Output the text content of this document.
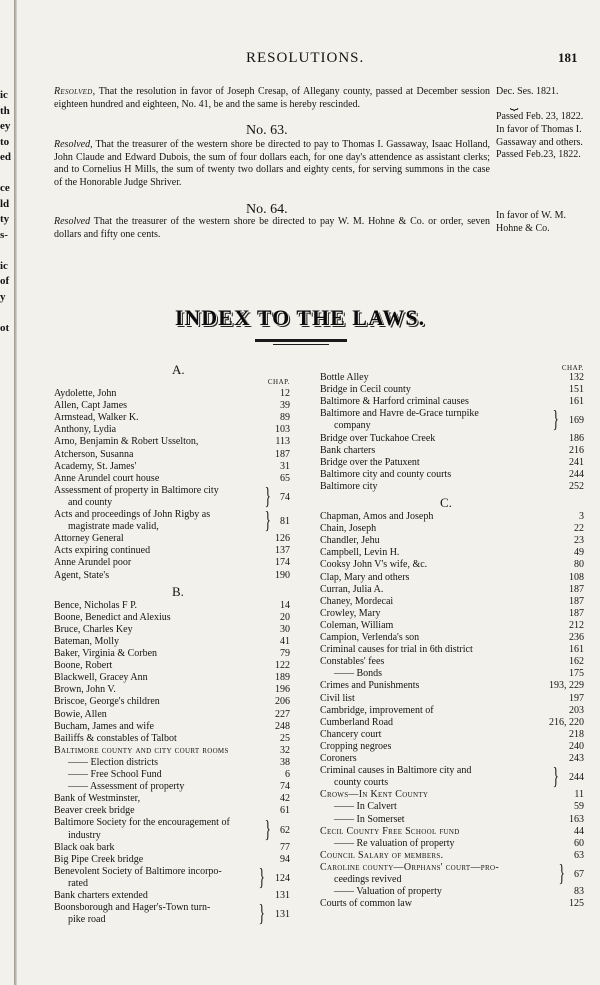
ic
th
ey
to
ed
ce
ld
ty
s-
ic
of
y
ot
RESOLUTIONS.	181
Resolved, That the resolution in favor of Joseph Cresap, of Allegany county, passed at December session eighteen hundred and eighteen, No. 41, be and the same is hereby rescinded.
Dec. Ses. 1821.
⏟
Passed Feb. 23, 1822.
No. 63.
Resolved, That the treasurer of the western shore be directed to pay to Thomas I. Gassaway, Isaac Holland, John Claude and Edward Dubois, the sum of four dollars each, for one day's attendence as assistant clerks; and to Cornelius H Mills, the sum of twenty two dollars and eighty cents, for serving summons in the case of the Honorable Judge Shriver.
In favor of Thomas I. Gassaway and others.
Passed Feb.23, 1822.
No. 64.
Resolved That the treasurer of the western shore be directed to pay W. M. Hohne & Co. or order, seven dollars and fifty one cents.
In favor of W. M. Hohne & Co.
INDEX TO THE LAWS.
A.
CHAP.
Aydolette, John	12
Allen, Capt James	39
Armstead, Walker K.	89
Anthony, Lydia	103
Arno, Benjamin & Robert Usselton,	113
Atcherson, Susanna	187
Academy, St. James'	31
Anne Arundel court house	65
Assessment of property in Baltimore city }
and county	74
Acts and proceedings of John Rigby as }
magistrate made valid,	81
Attorney General	126
Acts expiring continued	137
Anne Arundel poor	174
Agent, State's	190
B.
Bence, Nicholas F P.	14
Boone, Benedict and Alexius	20
Bruce, Charles Key	30
Bateman, Molly	41
Baker, Virginia & Corben	79
Boone, Robert	122
Blackwell, Gracey Ann	189
Brown, John V.	196
Briscoe, George's children	206
Bowie, Allen	227
Bucham, James and wife	248
Bailiffs & constables of Talbot	25
Baltimore county and city court rooms	32
—— Election districts	38
—— Free School Fund	6
—— Assessment of property	74
Bank of Westminster,	42
Beaver creek bridge	61
Baltimore Society for the encouragement of }
industry	62
Black oak bark	77
Big Pipe Creek bridge	94
Benevolent Society of Baltimore incorpo- }
rated	124
Bank charters extended	131
Boonsborough and Hager's-Town turn- }
pike road	131
CHAP.
Bottle Alley	132
Bridge in Cecil county	151
Baltimore & Harford criminal causes	161
Baltimore and Havre de-Grace turnpike	}
company	169
Bridge over Tuckahoe Creek	186
Bank charters	216
Bridge over the Patuxent	241
Baltimore city and county courts	244
Baltimore city	252
C.
Chapman, Amos and Joseph	3
Chain, Joseph	22
Chandler, Jehu	23
Campbell, Levin H.	49
Cooksy John V's wife, &c.	80
Clap, Mary and others	108
Curran, Julia A.	187
Chaney, Mordecai	187
Crowley, Mary	187
Coleman, William	212
Campion, Verlenda's son	236
Criminal causes for trial in 6th district	161
Constables' fees	162
—— Bonds	175
Crimes and Punishments	193, 229
Civil list	197
Cambridge, improvement of	203
Cumberland Road	216, 220
Chancery court	218
Cropping negroes	240
Coroners	243
Criminal causes in Baltimore city and	}
county courts	244
Crows—In Kent County	11
—— In Calvert	59
—— In Somerset	163
Cecil County Free School fund	44
—— Re valuation of property	60
Council Salary of members.	63
Caroline county—Orphans' court—pro- }
ceedings revived	67
—— Valuation of property	83
Courts of common law	125
